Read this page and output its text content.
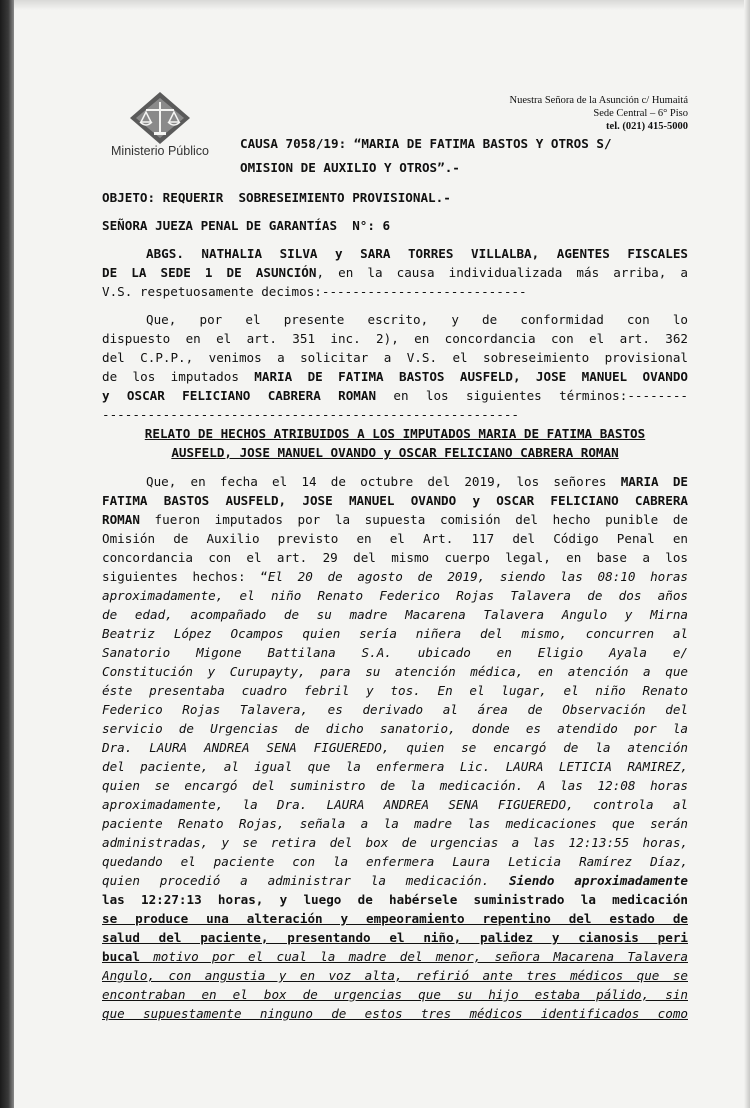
Ministerio Público
Nuestra Señora de la Asunción c/ Humaitá
Sede Central – 6° Piso
tel. (021) 415-5000
CAUSA 7058/19: “MARIA DE FATIMA BASTOS Y OTROS S/
OMISION DE AUXILIO Y OTROS”.-
OBJETO: REQUERIR  SOBRESEIMIENTO PROVISIONAL.-
SEÑORA JUEZA PENAL DE GARANTÍAS  N°: 6
ABGS. NATHALIA SILVA y SARA TORRES VILLALBA, AGENTES FISCALES
DE LA SEDE 1 DE ASUNCIÓN, en la causa individualizada más arriba, a
V.S. respetuosamente decimos:---------------------------
Que, por el presente escrito, y de conformidad con lo
dispuesto en el art. 351 inc. 2), en concordancia con el art. 362
del C.P.P., venimos a solicitar a V.S. el sobreseimiento provisional
de los imputados MARIA DE FATIMA BASTOS AUSFELD, JOSE MANUEL OVANDO
y OSCAR FELICIANO CABRERA ROMAN en los siguientes términos:--------
-------------------------------------------------------
RELATO DE HECHOS ATRIBUIDOS A LOS IMPUTADOS MARIA DE FATIMA BASTOS
AUSFELD, JOSE MANUEL OVANDO y OSCAR FELICIANO CABRERA ROMAN
Que, en fecha el 14 de octubre del 2019, los señores MARIA DE
FATIMA BASTOS AUSFELD, JOSE MANUEL OVANDO y OSCAR FELICIANO CABRERA
ROMAN fueron imputados por la supuesta comisión del hecho punible de
Omisión de Auxilio previsto en el Art. 117 del Código Penal en
concordancia con el art. 29 del mismo cuerpo legal, en base a los
siguientes hechos: “El 20 de agosto de 2019, siendo las 08:10 horas
aproximadamente, el niño Renato Federico Rojas Talavera de dos años
de edad, acompañado de su madre Macarena Talavera Angulo y Mirna
Beatriz López Ocampos quien sería niñera del mismo, concurren al
Sanatorio Migone Battilana S.A. ubicado en Eligio Ayala e/
Constitución y Curupayty, para su atención médica, en atención a que
éste presentaba cuadro febril y tos. En el lugar, el niño Renato
Federico Rojas Talavera, es derivado al área de Observación del
servicio de Urgencias de dicho sanatorio, donde es atendido por la
Dra. LAURA ANDREA SENA FIGUEREDO, quien se encargó de la atención
del paciente, al igual que la enfermera Lic. LAURA LETICIA RAMIREZ,
quien se encargó del suministro de la medicación. A las 12:08 horas
aproximadamente, la Dra. LAURA ANDREA SENA FIGUEREDO, controla al
paciente Renato Rojas, señala a la madre las medicaciones que serán
administradas, y se retira del box de urgencias a las 12:13:55 horas,
quedando el paciente con la enfermera Laura Leticia Ramírez Díaz,
quien procedió a administrar la medicación. Siendo aproximadamente
las 12:27:13 horas, y luego de habérsele suministrado la medicación
se produce una alteración y empeoramiento repentino del estado de
salud del paciente, presentando el niño, palidez y cianosis peri
bucal motivo por el cual la madre del menor, señora Macarena Talavera
Angulo, con angustia y en voz alta, refirió ante tres médicos que se
encontraban en el box de urgencias que su hijo estaba pálido, sin
que supuestamente ninguno de estos tres médicos identificados como
